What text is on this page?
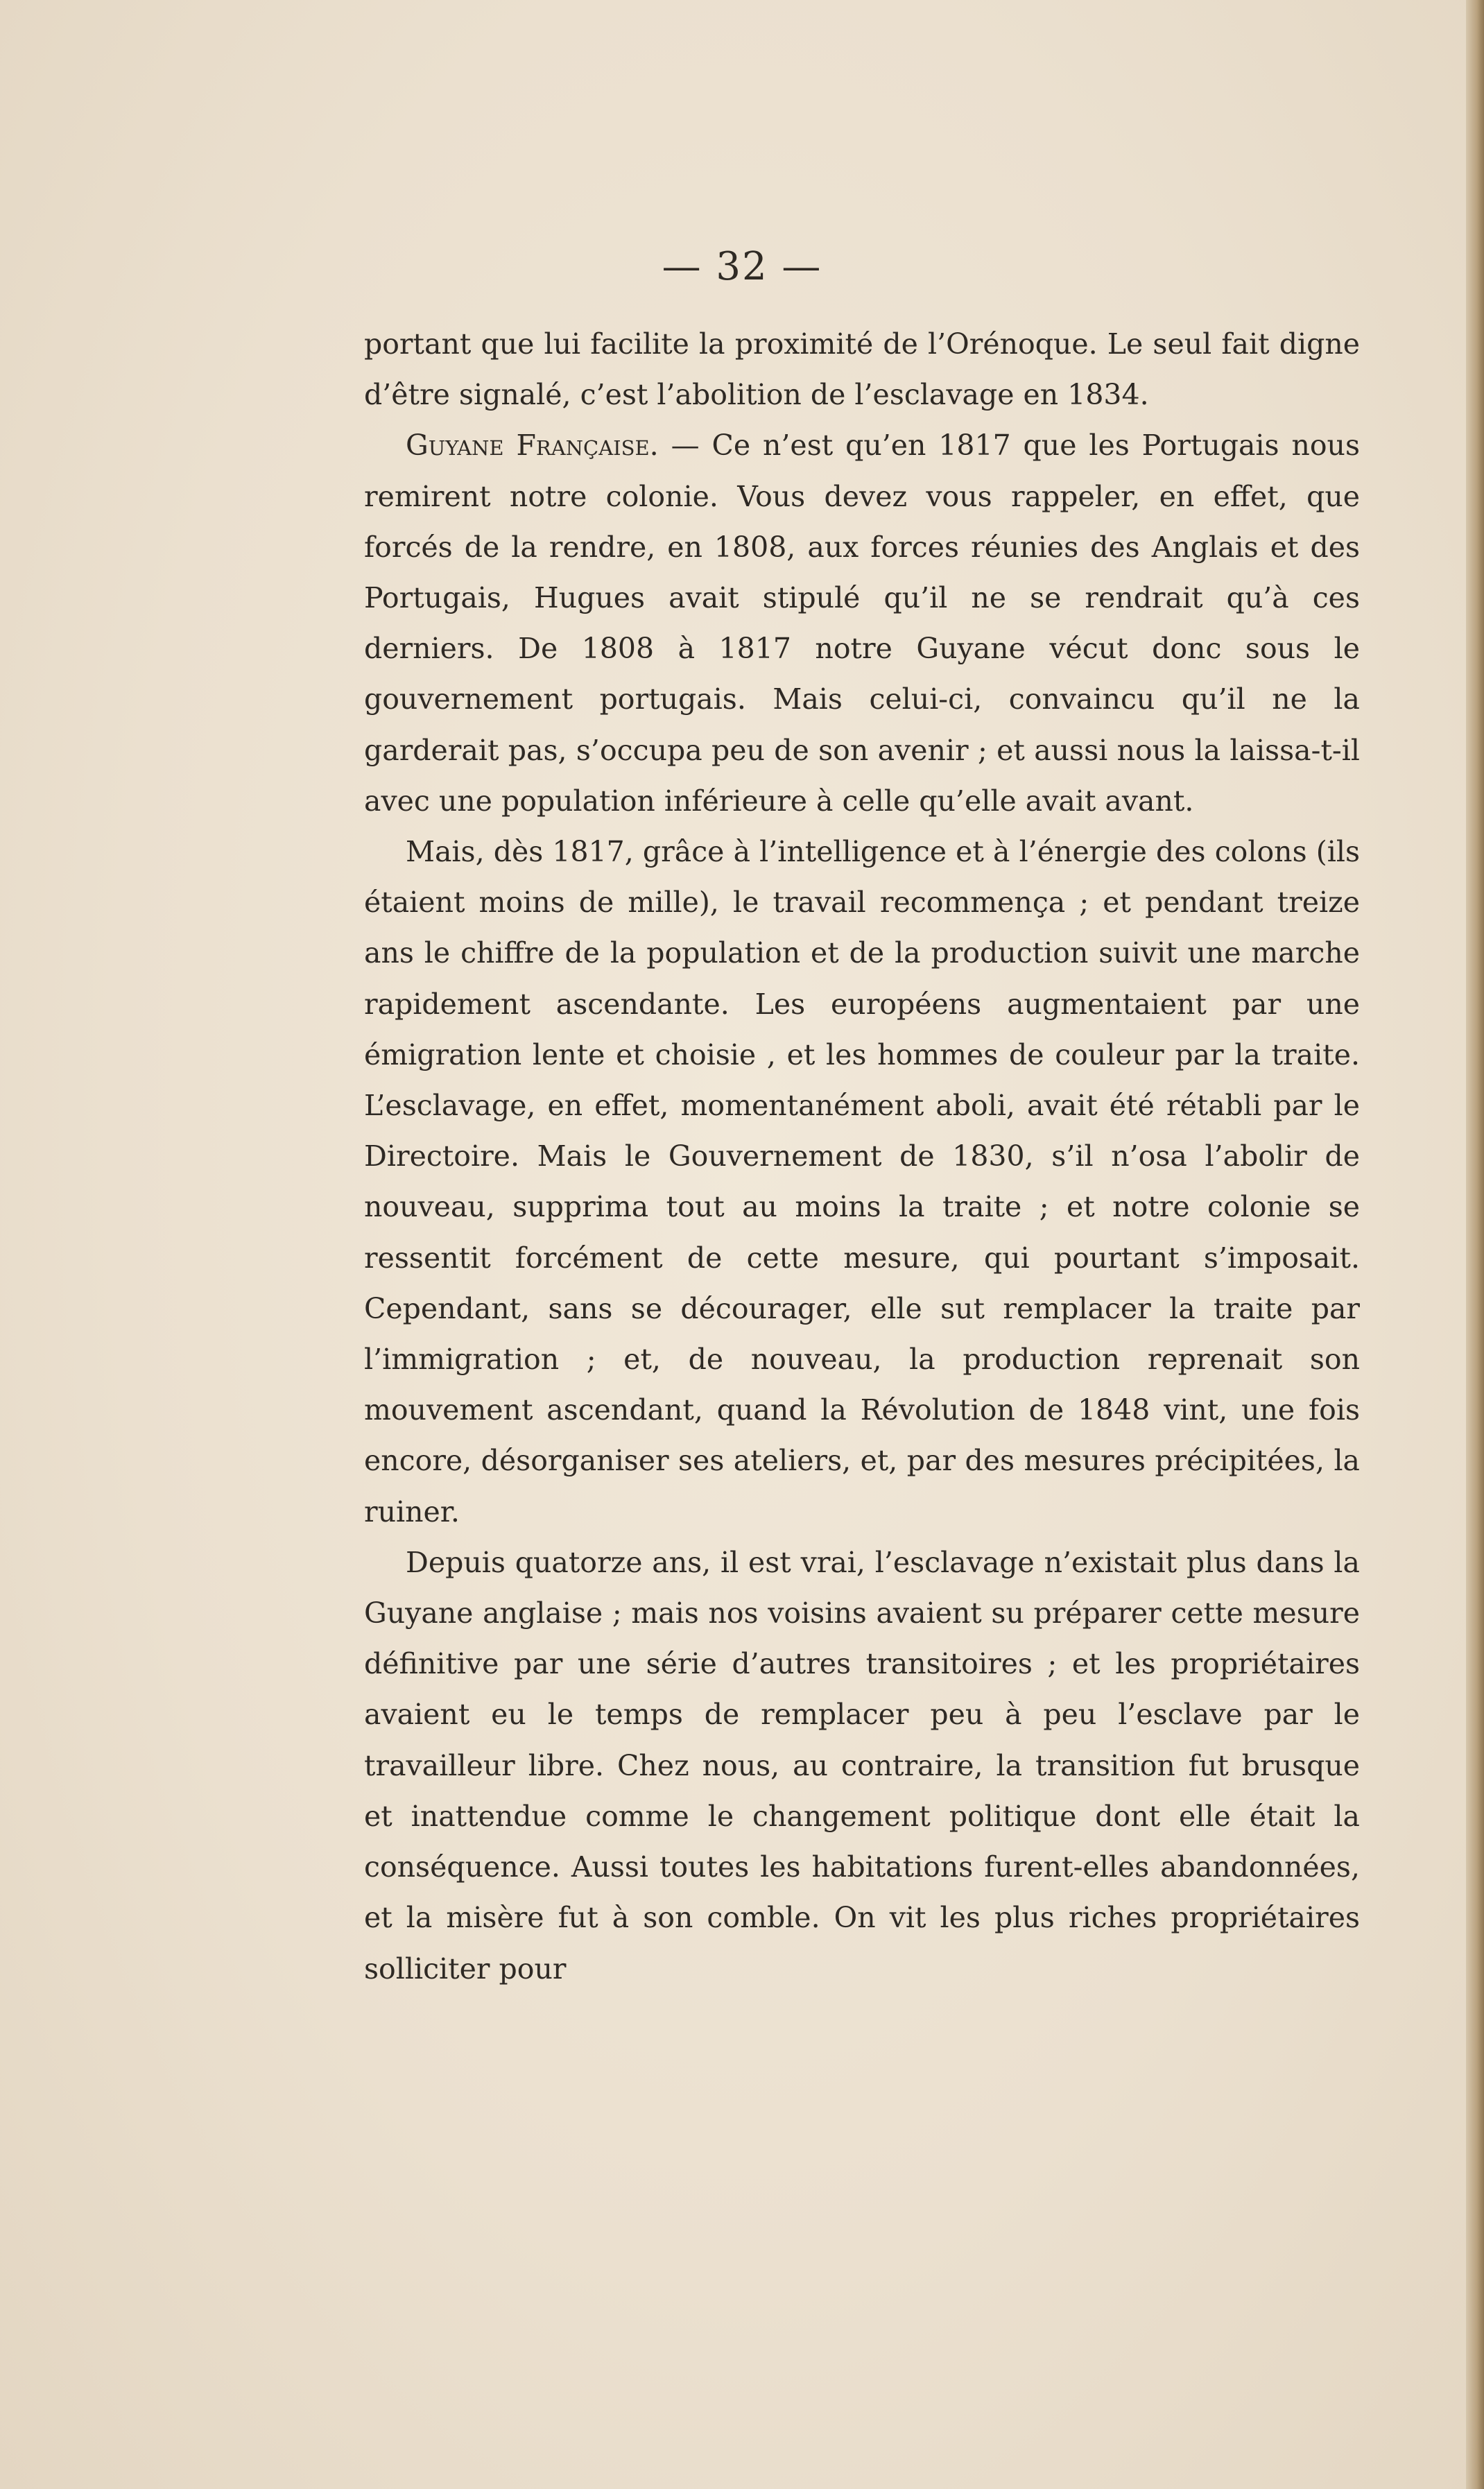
— 32 —

portant que lui facilite la proximité de l’Orénoque. Le seul fait digne d’être signalé, c’est l’abolition de l’esclavage en 1834.

Guyane Française. — Ce n’est qu’en 1817 que les Portugais nous remirent notre colonie. Vous devez vous rappeler, en effet, que forcés de la rendre, en 1808, aux forces réunies des Anglais et des Portugais, Hugues avait stipulé qu’il ne se rendrait qu’à ces derniers. De 1808 à 1817 notre Guyane vécut donc sous le gouvernement portugais. Mais celui-ci, convaincu qu’il ne la garderait pas, s’occupa peu de son avenir ; et aussi nous la laissa-t-il avec une population inférieure à celle qu’elle avait avant.

Mais, dès 1817, grâce à l’intelligence et à l’énergie des colons (ils étaient moins de mille), le travail recommença ; et pendant treize ans le chiffre de la population et de la production suivit une marche rapidement ascendante. Les européens augmentaient par une émigration lente et choisie , et les hommes de couleur par la traite. L’esclavage, en effet, momentanément aboli, avait été rétabli par le Directoire. Mais le Gouvernement de 1830, s’il n’osa l’abolir de nouveau, supprima tout au moins la traite ; et notre colonie se ressentit forcément de cette mesure, qui pourtant s’imposait. Cependant, sans se décourager, elle sut remplacer la traite par l’immigration ; et, de nouveau, la production reprenait son mouvement ascendant, quand la Révolution de 1848 vint, une fois encore, désorganiser ses ateliers, et, par des mesures précipitées, la ruiner.

Depuis quatorze ans, il est vrai, l’esclavage n’existait plus dans la Guyane anglaise ; mais nos voisins avaient su préparer cette mesure définitive par une série d’autres transitoires ; et les propriétaires avaient eu le temps de remplacer peu à peu l’esclave par le travailleur libre. Chez nous, au contraire, la transition fut brusque et inattendue comme le changement politique dont elle était la conséquence. Aussi toutes les habitations furent-elles abandonnées, et la misère fut à son comble. On vit les plus riches propriétaires solliciter pour
